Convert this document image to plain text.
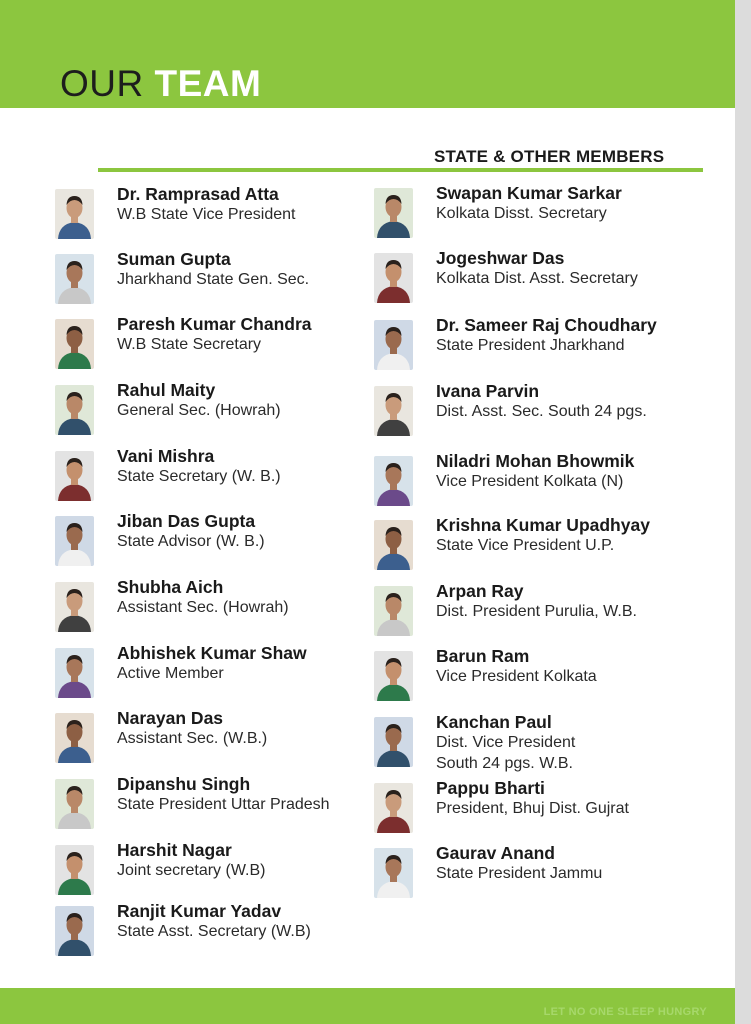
OUR TEAM
STATE & OTHER MEMBERS
Dr. Ramprasad Atta
W.B State Vice President
Suman Gupta
Jharkhand State Gen. Sec.
Paresh Kumar Chandra
W.B State Secretary
Rahul Maity
General Sec. (Howrah)
Vani Mishra
State Secretary (W. B.)
Jiban Das Gupta
State Advisor (W. B.)
Shubha Aich
Assistant Sec. (Howrah)
Abhishek Kumar Shaw
Active Member
Narayan Das
Assistant Sec. (W.B.)
Dipanshu Singh
State President Uttar Pradesh
Harshit Nagar
Joint secretary (W.B)
Ranjit Kumar Yadav
State Asst. Secretary (W.B)
Swapan Kumar Sarkar
Kolkata Disst. Secretary
Jogeshwar Das
Kolkata Dist. Asst. Secretary
Dr. Sameer Raj Choudhary
State President Jharkhand
Ivana Parvin
Dist. Asst. Sec. South 24 pgs.
Niladri Mohan Bhowmik
Vice President Kolkata (N)
Krishna Kumar Upadhyay
State Vice President U.P.
Arpan Ray
Dist. President Purulia, W.B.
Barun Ram
Vice President Kolkata
Kanchan Paul
Dist. Vice President
South 24 pgs. W.B.
Pappu Bharti
President, Bhuj Dist. Gujrat
Gaurav Anand
State President Jammu
LET NO ONE SLEEP HUNGRY
